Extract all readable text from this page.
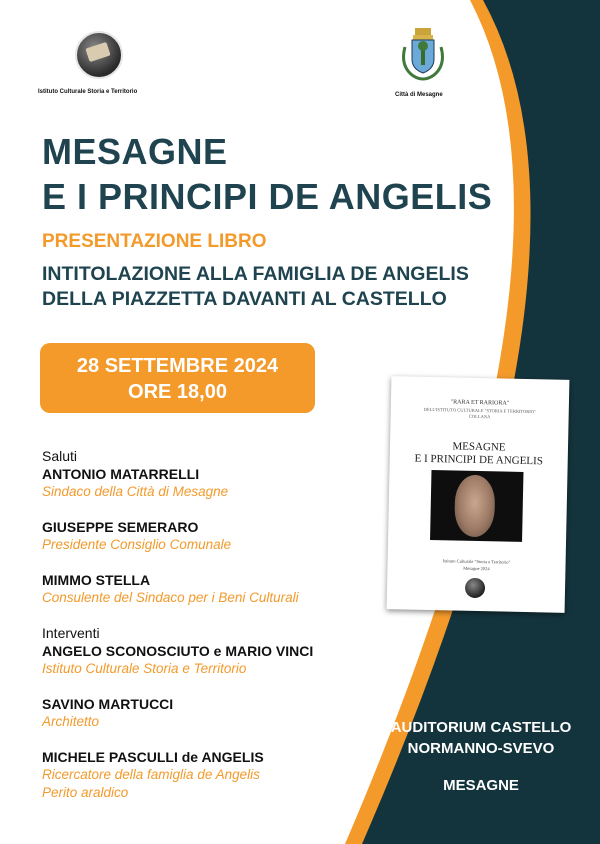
Istituto Culturale Storia e Territorio	Città di Mesagne
MESAGNE
E I PRINCIPI DE ANGELIS
PRESENTAZIONE LIBRO
INTITOLAZIONE ALLA FAMIGLIA DE ANGELIS
DELLA PIAZZETTA DAVANTI AL CASTELLO
28 SETTEMBRE 2024
ORE 18,00
Saluti
ANTONIO MATARRELLI
Sindaco della Città di Mesagne
GIUSEPPE SEMERARO
Presidente Consiglio Comunale
MIMMO STELLA
Consulente del Sindaco per i Beni Culturali
Interventi
ANGELO SCONOSCIUTO e MARIO VINCI
Istituto Culturale Storia e Territorio
SAVINO MARTUCCI
Architetto
MICHELE PASCULLI de ANGELIS
Ricercatore della famiglia de Angelis
Perito araldico
"RARA ET RARIORA"
DELL'ISTITUTO CULTURALE "STORIA E TERRITORIO"
COLLANA
MESAGNE
E I PRINCIPI DE ANGELIS
Istituto Culturale "Storia e Territorio"
Mesagne 2024
AUDITORIUM CASTELLO
NORMANNO-SVEVO
MESAGNE
